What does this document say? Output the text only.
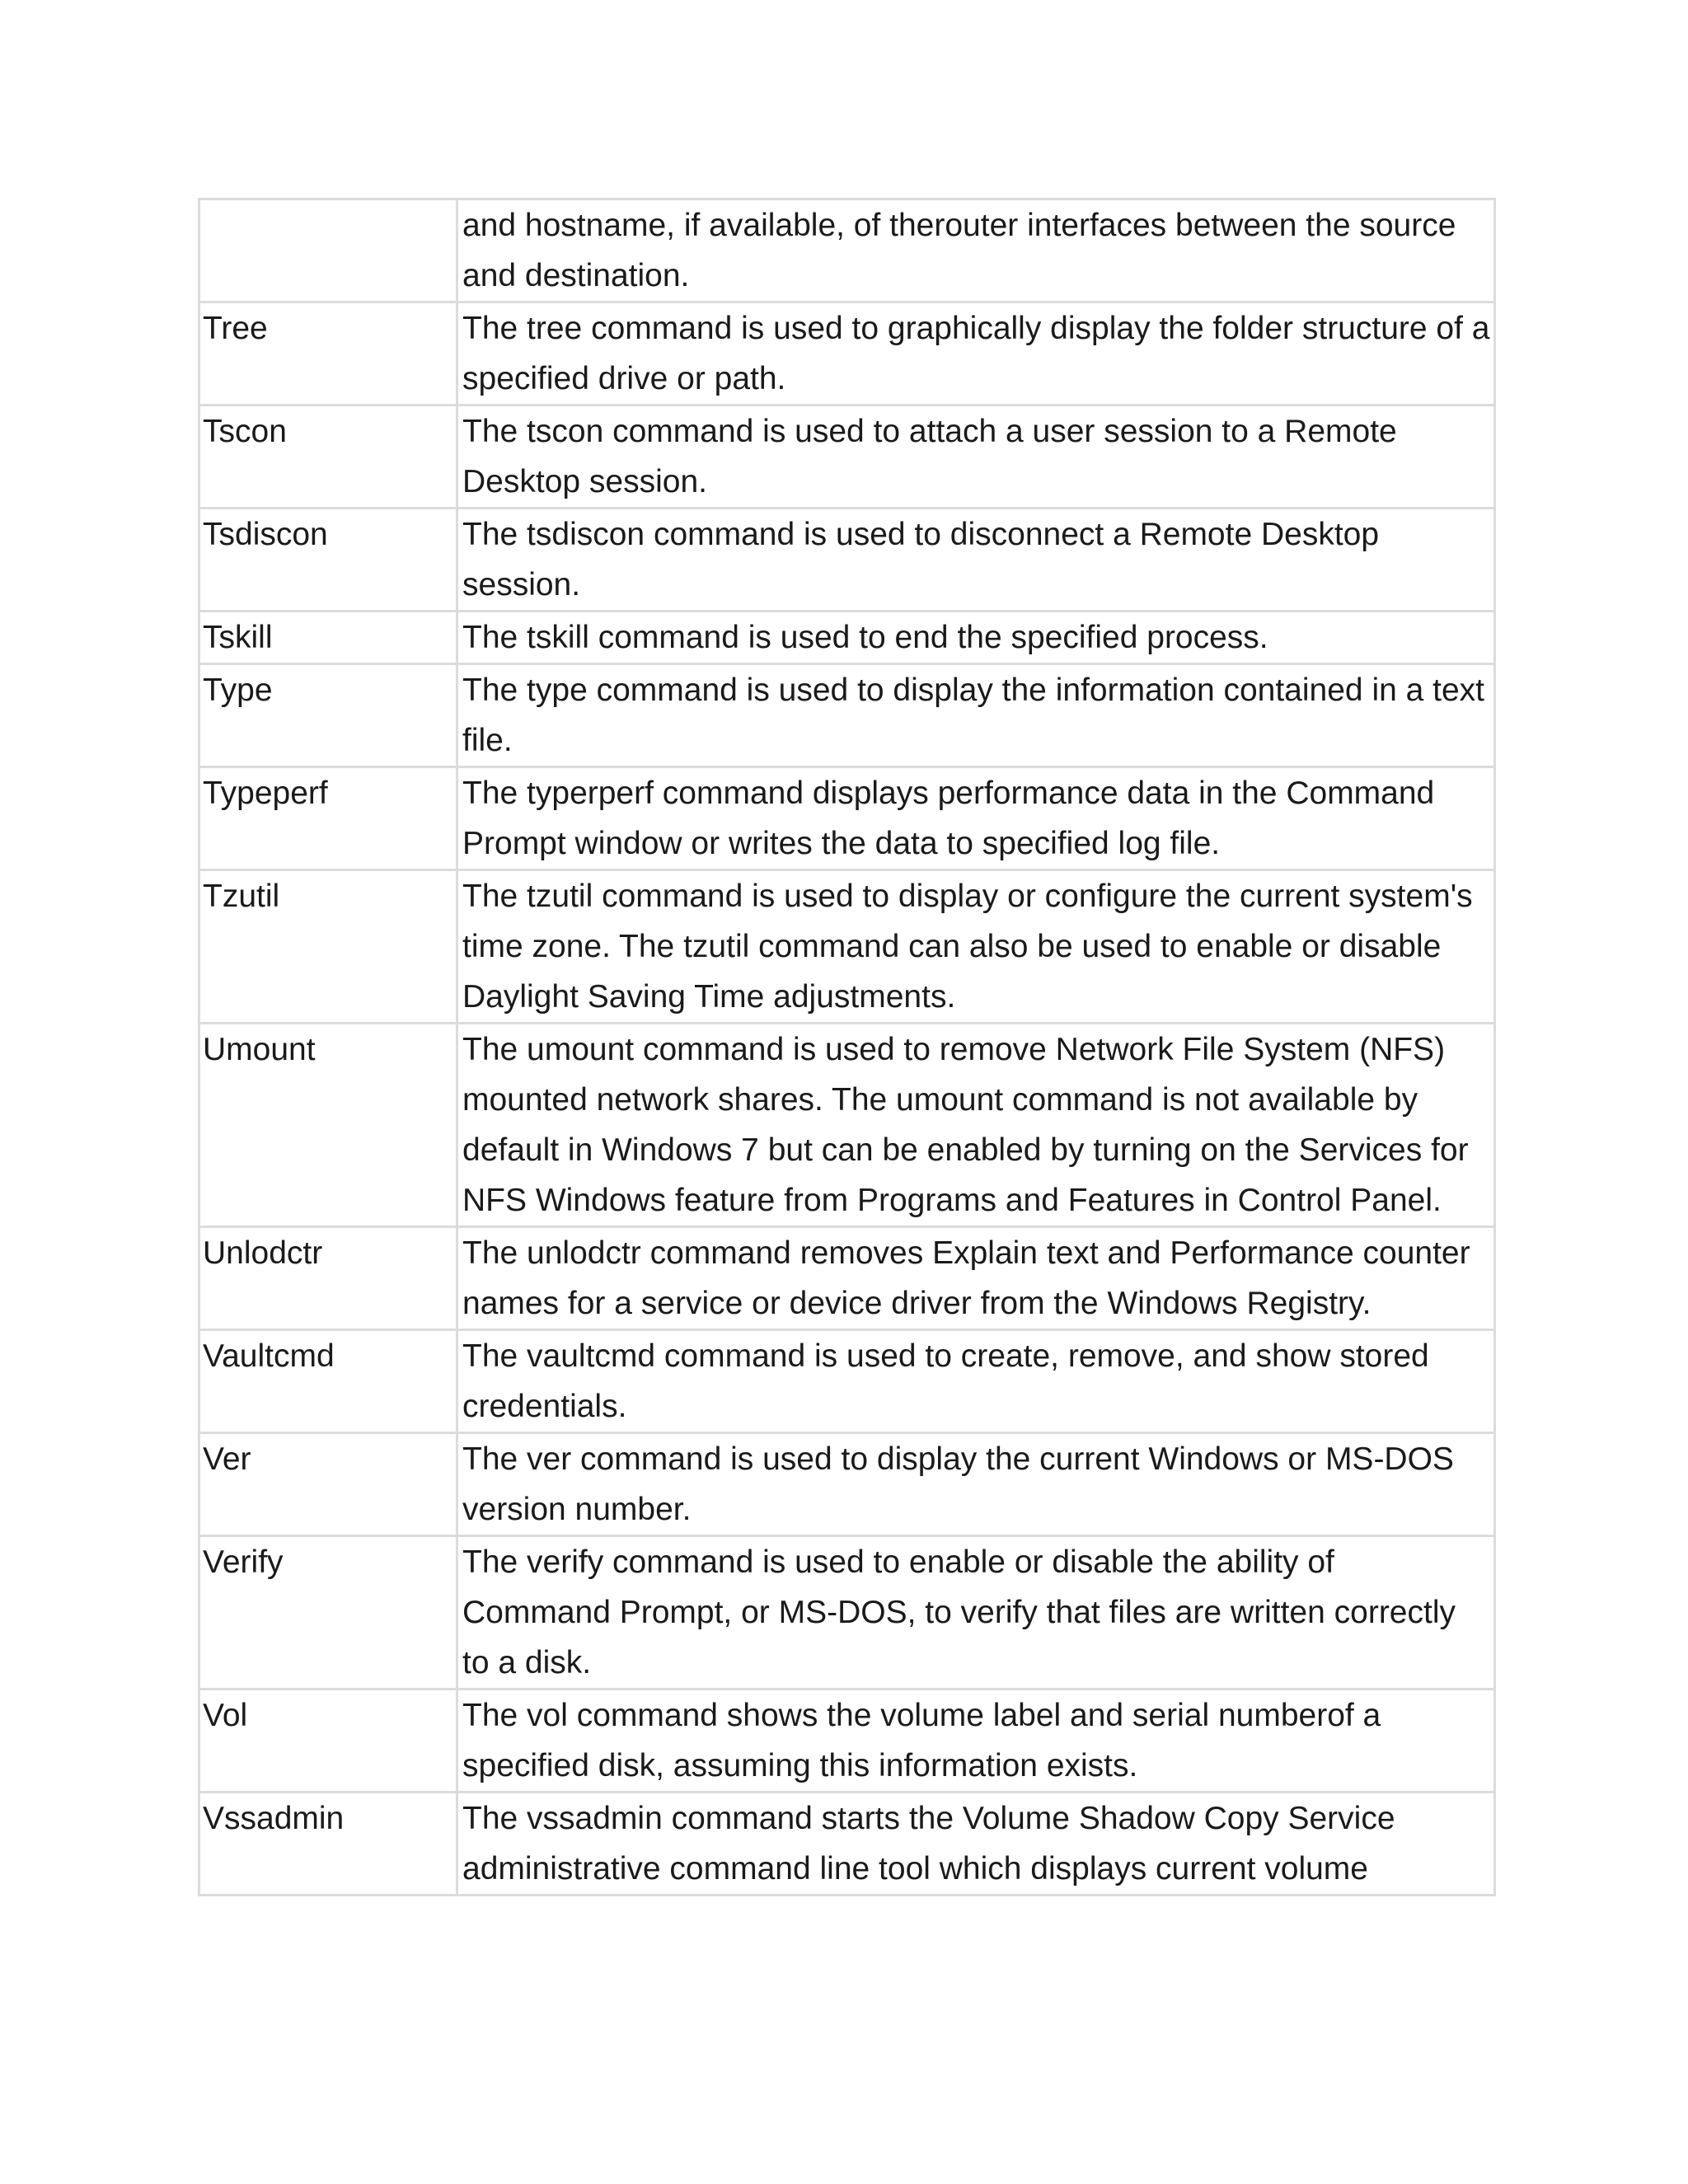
	and hostname, if available, of therouter interfaces between the source and destination.
Tree	The tree command is used to graphically display the folder structure of a specified drive or path.
Tscon	The tscon command is used to attach a user session to a Remote Desktop session.
Tsdiscon	The tsdiscon command is used to disconnect a Remote Desktop session.
Tskill	The tskill command is used to end the specified process.
Type	The type command is used to display the information contained in a text file.
Typeperf	The typerperf command displays performance data in the Command Prompt window or writes the data to specified log file.
Tzutil	The tzutil command is used to display or configure the current system's time zone. The tzutil command can also be used to enable or disable Daylight Saving Time adjustments.
Umount	The umount command is used to remove Network File System (NFS) mounted network shares. The umount command is not available by default in Windows 7 but can be enabled by turning on the Services for NFS Windows feature from Programs and Features in Control Panel.
Unlodctr	The unlodctr command removes Explain text and Performance counter names for a service or device driver from the Windows Registry.
Vaultcmd	The vaultcmd command is used to create, remove, and show stored credentials.
Ver	The ver command is used to display the current Windows or MS-DOS version number.
Verify	The verify command is used to enable or disable the ability of Command Prompt, or MS-DOS, to verify that files are written correctly to a disk.
Vol	The vol command shows the volume label and serial numberof a specified disk, assuming this information exists.
Vssadmin	The vssadmin command starts the Volume Shadow Copy Service administrative command line tool which displays current volume
